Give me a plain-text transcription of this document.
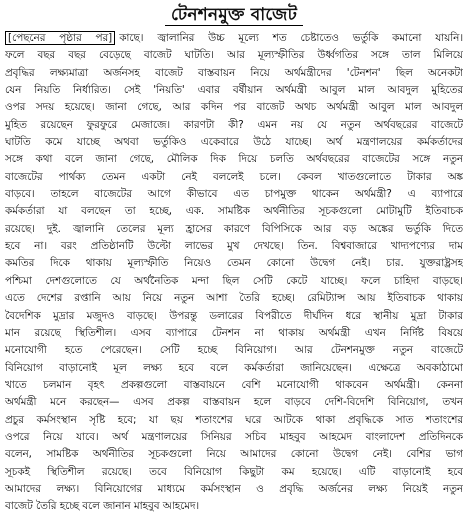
টেনশনমুক্ত বাজেট
[পেছনের পৃষ্ঠার পর] কাছে। জ্বালানির উচ্চ মূল্যে শত চেষ্টাতেও ভর্তুকি কমানো যায়নি।
ফলে বছর বছর বেড়েছে বাজেট ঘাটতি। আর মূল্যস্ফীতির উর্ধ্বগতির সঙ্গে তাল মিলিয়ে
প্রবৃদ্ধির লক্ষ্যমাত্রা অর্জনসহ বাজেট বাস্তবায়ন নিয়ে অর্থমন্ত্রীদের 'টেনশন' ছিল অনেকটা
যেন নিয়তি নির্ধারিত। সেই 'নিয়তি' এবার বর্ষীয়ান অর্থমন্ত্রী আবুল মাল আবদুল মুহিতের
ওপর সদয় হয়েছে। জানা গেছে, আর কদিন পর বাজেট অথচ অর্থমন্ত্রী আবুল মাল আবদুল
মুহিত রয়েছেন ফুরফুরে মেজাজে। কারণটা কী? এমন নয় যে নতুন অর্থবছরের বাজেটে
ঘাটতি কমে যাচ্ছে অথবা ভর্তুকিও একেবারে উঠে যাচ্ছে। অর্থ মন্ত্রণালয়ের কর্মকর্তাদের
সঙ্গে কথা বলে জানা গেছে, মৌলিক দিক দিয়ে চলতি অর্থবছরের বাজেটের সঙ্গে নতুন
বাজেটের পার্থক্য তেমন একটা নেই বললেই চলে। কেবল খাতগুলোতে টাকার অঙ্ক
বাড়বে। তাহলে বাজেটের আগে কীভাবে এত চাপমুক্ত থাকেন অর্থমন্ত্রী? এ ব্যাপারে
কর্মকর্তারা যা বলছেন তা হচ্ছে, এক. সামষ্টিক অর্থনীতির সূচকগুলো মোটামুটি ইতিবাচক
রয়েছে। দুই. জ্বালানি তেলের মূল্য হ্রাসের কারণে বিপিসিকে আর বড় অঙ্কের ভর্তুকি দিতে
হবে না। বরং প্রতিষ্ঠানটি উল্টো লাভের মুখ দেখছে। তিন. বিশ্ববাজারে খাদ্যপণ্যের দাম
কমতির দিকে থাকায় মূল্যস্ফীতি নিয়েও তেমন কোনো উদ্বেগ নেই। চার. যুক্তরাষ্ট্রসহ
পশ্চিমা দেশগুলোতে যে অর্থনৈতিক মন্দা ছিল সেটি কেটে যাচ্ছে। ফলে চাহিদা বাড়ছে।
এতে দেশের রপ্তানি আয় নিয়ে নতুন আশা তৈরি হচ্ছে। রেমিট্যান্স আয় ইতিবাচক থাকায়
বৈদেশিক মুদ্রার মজুদও বাড়ছে। উপরন্তু ডলারের বিপরীতে দীর্ঘদিন ধরে স্থানীয় মুদ্রা টাকার
মান রয়েছে স্থিতিশীল। এসব ব্যাপারে টেনশন না থাকায় অর্থমন্ত্রী এখন নির্দিষ্ট বিষয়ে
মনোযোগী হতে পেরেছেন। সেটি হচ্ছে বিনিয়োগ। আর টেনশনমুক্ত নতুন বাজেটে
বিনিয়োগ বাড়ানোই মূল লক্ষ্য হবে বলে কর্মকর্তারা জানিয়েছেন। এক্ষেত্রে অবকাঠামো
খাতে চলমান বৃহৎ প্রকল্পগুলো বাস্তবায়নে বেশি মনোযোগী থাকবেন অর্থমন্ত্রী। কেননা
অর্থমন্ত্রী মনে করছেন— এসব প্রকল্প বাস্তবায়ন হলে বাড়বে দেশি-বিদেশি বিনিয়োগ, তখন
প্রচুর কর্মসংস্থান সৃষ্টি হবে; যা ছয় শতাংশের ঘরে আটকে থাকা প্রবৃদ্ধিকে সাত শতাংশের
ওপরে নিয়ে যাবে। অর্থ মন্ত্রণালয়ের সিনিয়র সচিব মাহবুব আহমেদ বাংলাদেশ প্রতিদিনকে
বলেন, সামষ্টিক অর্থনীতির সূচকগুলো নিয়ে আমাদের কোনো উদ্বেগ নেই। বেশির ভাগ
সূচকই স্থিতিশীল রয়েছে। তবে বিনিয়োগ কিছুটা কম হয়েছে। এটি বাড়ানোই হবে
আমাদের লক্ষ্য। বিনিয়োগের মাধ্যমে কর্মসংস্থান ও প্রবৃদ্ধি অর্জনের লক্ষ্য নিয়েই নতুন
বাজেট তৈরি হচ্ছে বলে জানান মাহবুব আহমেদ।
